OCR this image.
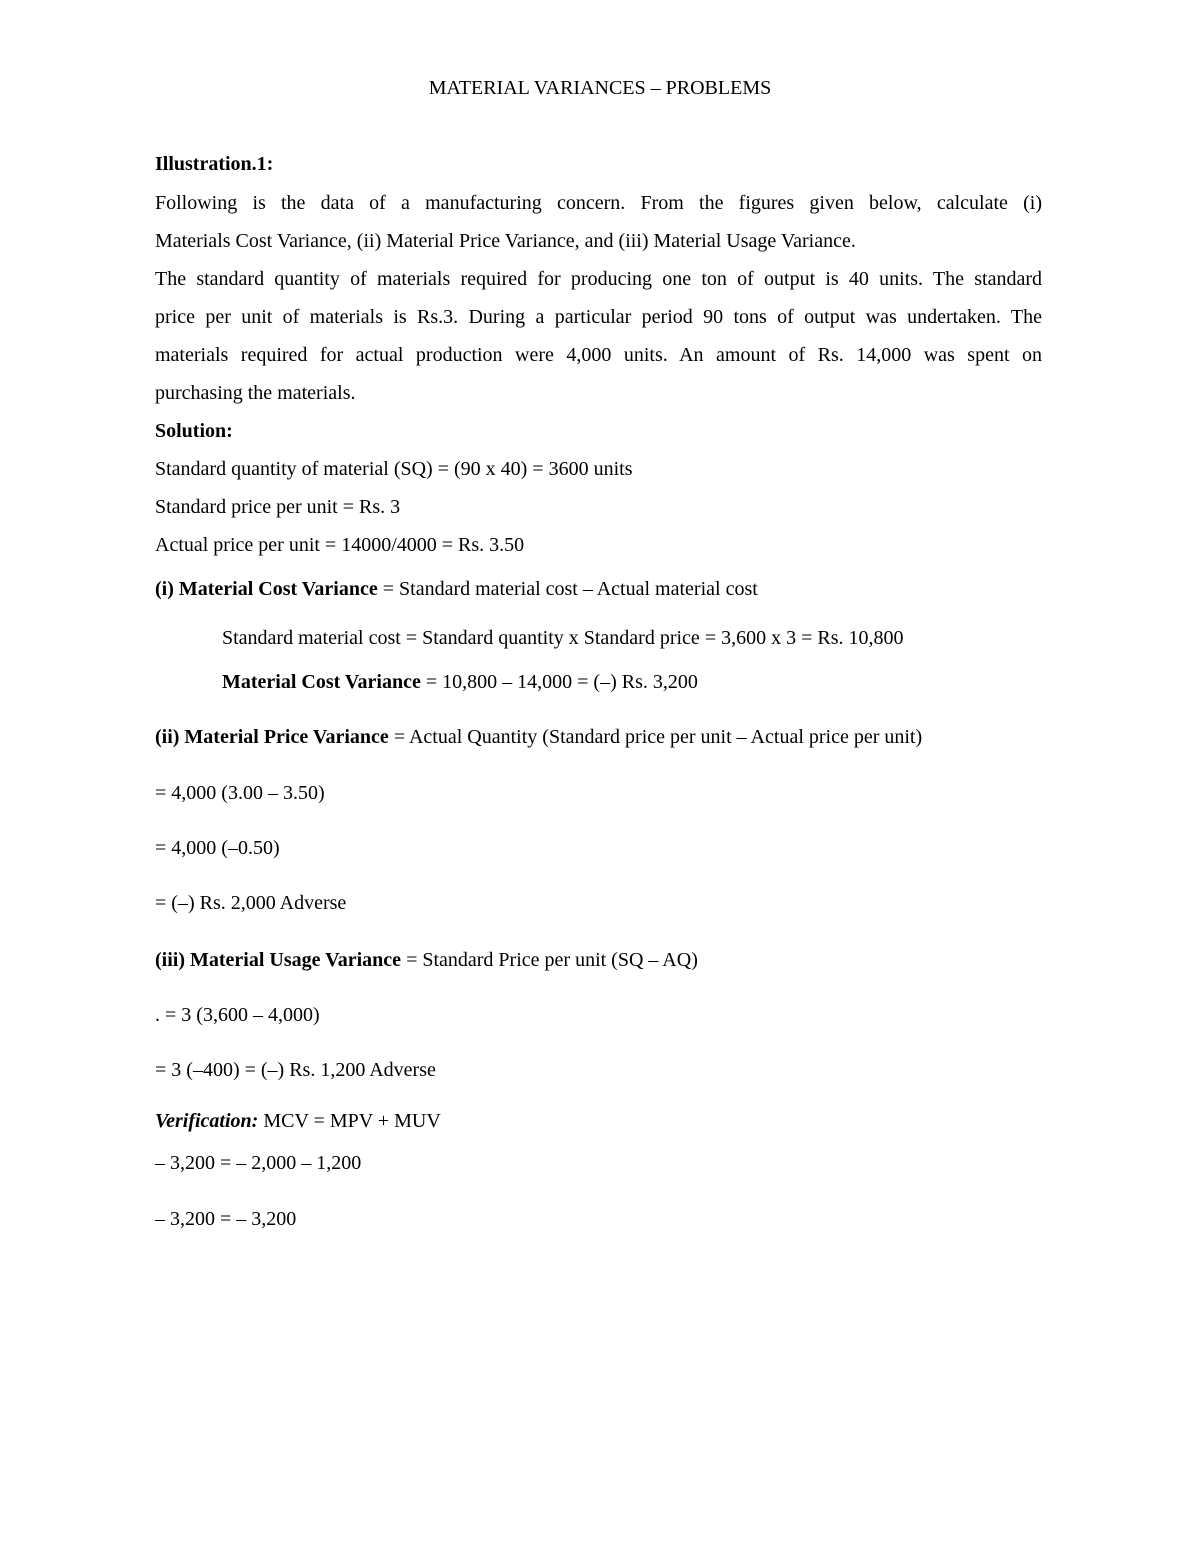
MATERIAL VARIANCES – PROBLEMS
Illustration.1:
Following is the data of a manufacturing concern. From the figures given below, calculate (i)
Materials Cost Variance, (ii) Material Price Variance, and (iii) Material Usage Variance.
The standard quantity of materials required for producing one ton of output is 40 units. The standard
price per unit of materials is Rs.3. During a particular period 90 tons of output was undertaken. The
materials required for actual production were 4,000 units. An amount of Rs. 14,000 was spent on
purchasing the materials.
Solution:
Standard quantity of material (SQ) = (90 x 40) = 3600 units
Standard price per unit = Rs. 3
Actual price per unit = 14000/4000 = Rs. 3.50
(i) Material Cost Variance = Standard material cost – Actual material cost
Standard material cost = Standard quantity x Standard price = 3,600 x 3 = Rs. 10,800
Material Cost Variance = 10,800 – 14,000 = (–) Rs. 3,200
(ii) Material Price Variance = Actual Quantity (Standard price per unit – Actual price per unit)
= 4,000 (3.00 – 3.50)
= 4,000 (–0.50)
= (–) Rs. 2,000 Adverse
(iii) Material Usage Variance = Standard Price per unit (SQ – AQ)
. = 3 (3,600 – 4,000)
= 3 (–400) = (–) Rs. 1,200 Adverse
Verification: MCV = MPV + MUV
– 3,200 = – 2,000 – 1,200
– 3,200 = – 3,200
